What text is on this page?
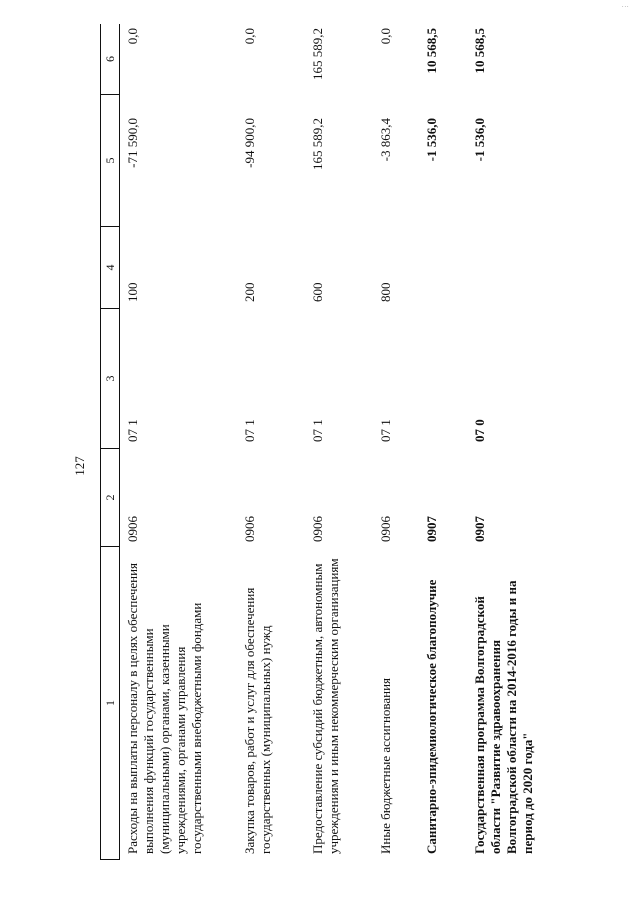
127
...
1
2
3
4
5
6
Расходы на выплаты персоналу в целях обеспечения выполнения функций государственными (муниципальными) органами, казенными учреждениями, органами управления государственными внебюджетными фондами
0906
07 1
100
-71 590,0
0,0
Закупка товаров, работ и услуг для обеспечения государственных (муниципальных) нужд
0906
07 1
200
-94 900,0
0,0
Предоставление субсидий бюджетным, автономным учреждениям и иным некоммерческим организациям
0906
07 1
600
165 589,2
165 589,2
Иные бюджетные ассигнования
0906
07 1
800
-3 863,4
0,0
Санитарно-эпидемиологическое благополучие
0907
-1 536,0
10 568,5
Государственная программа Волгоградской области "Развитие здравоохранения Волгоградской области на 2014-2016 годы и на период до 2020 года"
0907
07 0
-1 536,0
10 568,5
